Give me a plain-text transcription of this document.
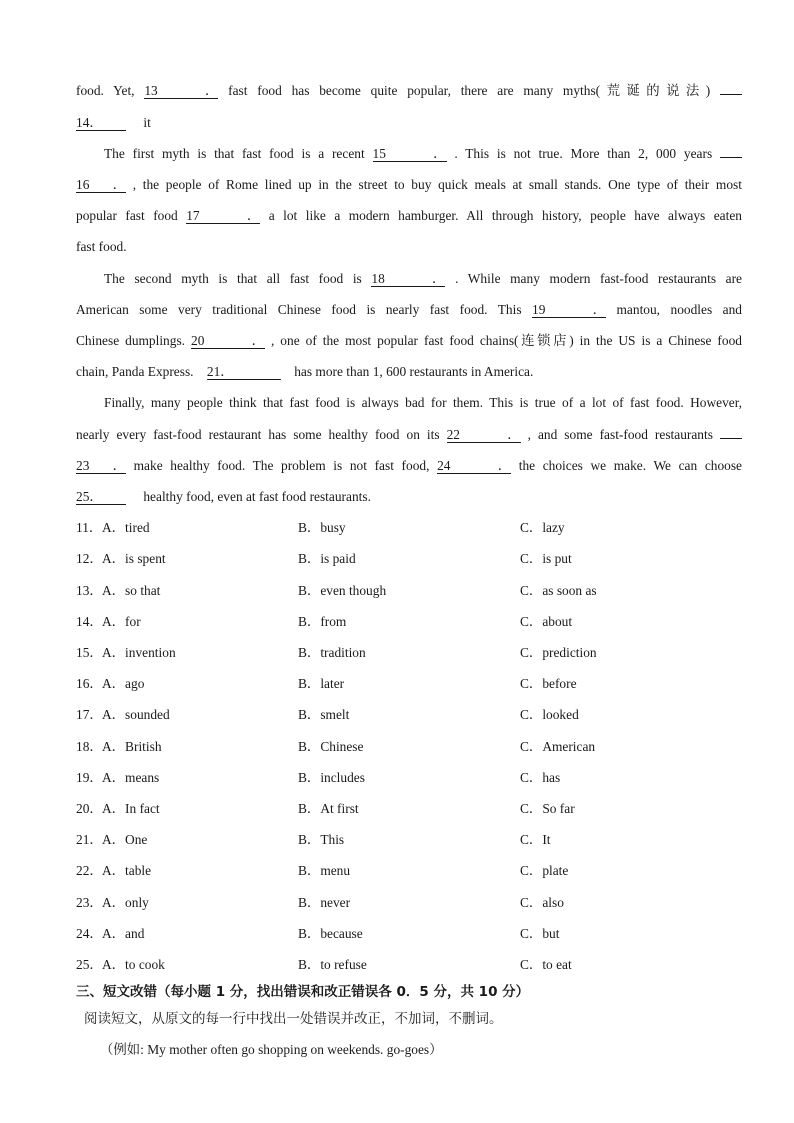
food. Yet, 13． fast food has become quite popular, there are many myths(荒诞的说法)
14．	it
The first myth is that fast food is a recent 15． . This is not true. More than 2, 000 years
16． , the people of Rome lined up in the street to buy quick meals at small stands. One type of their most
popular fast food 17． a lot like a modern hamburger. All through history, people have always eaten
fast food.
The second myth is that all fast food is 18． . While many modern fast-food restaurants are
American some very traditional Chinese food is nearly fast food. This 19． mantou, noodles and
Chinese dumplings. 20． , one of the most popular fast food chains(连锁店) in the US is a Chinese food
chain, Panda Express. 21．	has more than 1, 600 restaurants in America.
Finally, many people think that fast food is always bad for them. This is true of a lot of fast food. However,
nearly every fast-food restaurant has some healthy food on its 22． , and some fast-food restaurants
23． make healthy food. The problem is not fast food, 24． the choices we make. We can choose
25．	healthy food, even at fast food restaurants.
11．A．tired	B．busy	C．lazy
12．A．is spent	B．is paid	C．is put
13．A．so that	B．even though	C．as soon as
14．A．for	B．from	C．about
15．A．invention	B．tradition	C．prediction
16．A．ago	B．later	C．before
17．A．sounded	B．smelt	C．looked
18．A．British	B．Chinese	C．American
19．A．means	B．includes	C．has
20．A．In fact	B．At first	C．So far
21．A．One	B．This	C．It
22．A．table	B．menu	C．plate
23．A．only	B．never	C．also
24．A．and	B．because	C．but
25．A．to cook	B．to refuse	C．to eat
三、短文改错（每小题 1 分，找出错误和改正错误各 0．5 分，共 10 分）
阅读短文，从原文的每一行中找出一处错误并改正，不加词，不删词。
（例如: My mother often go shopping on weekends. go-goes）
